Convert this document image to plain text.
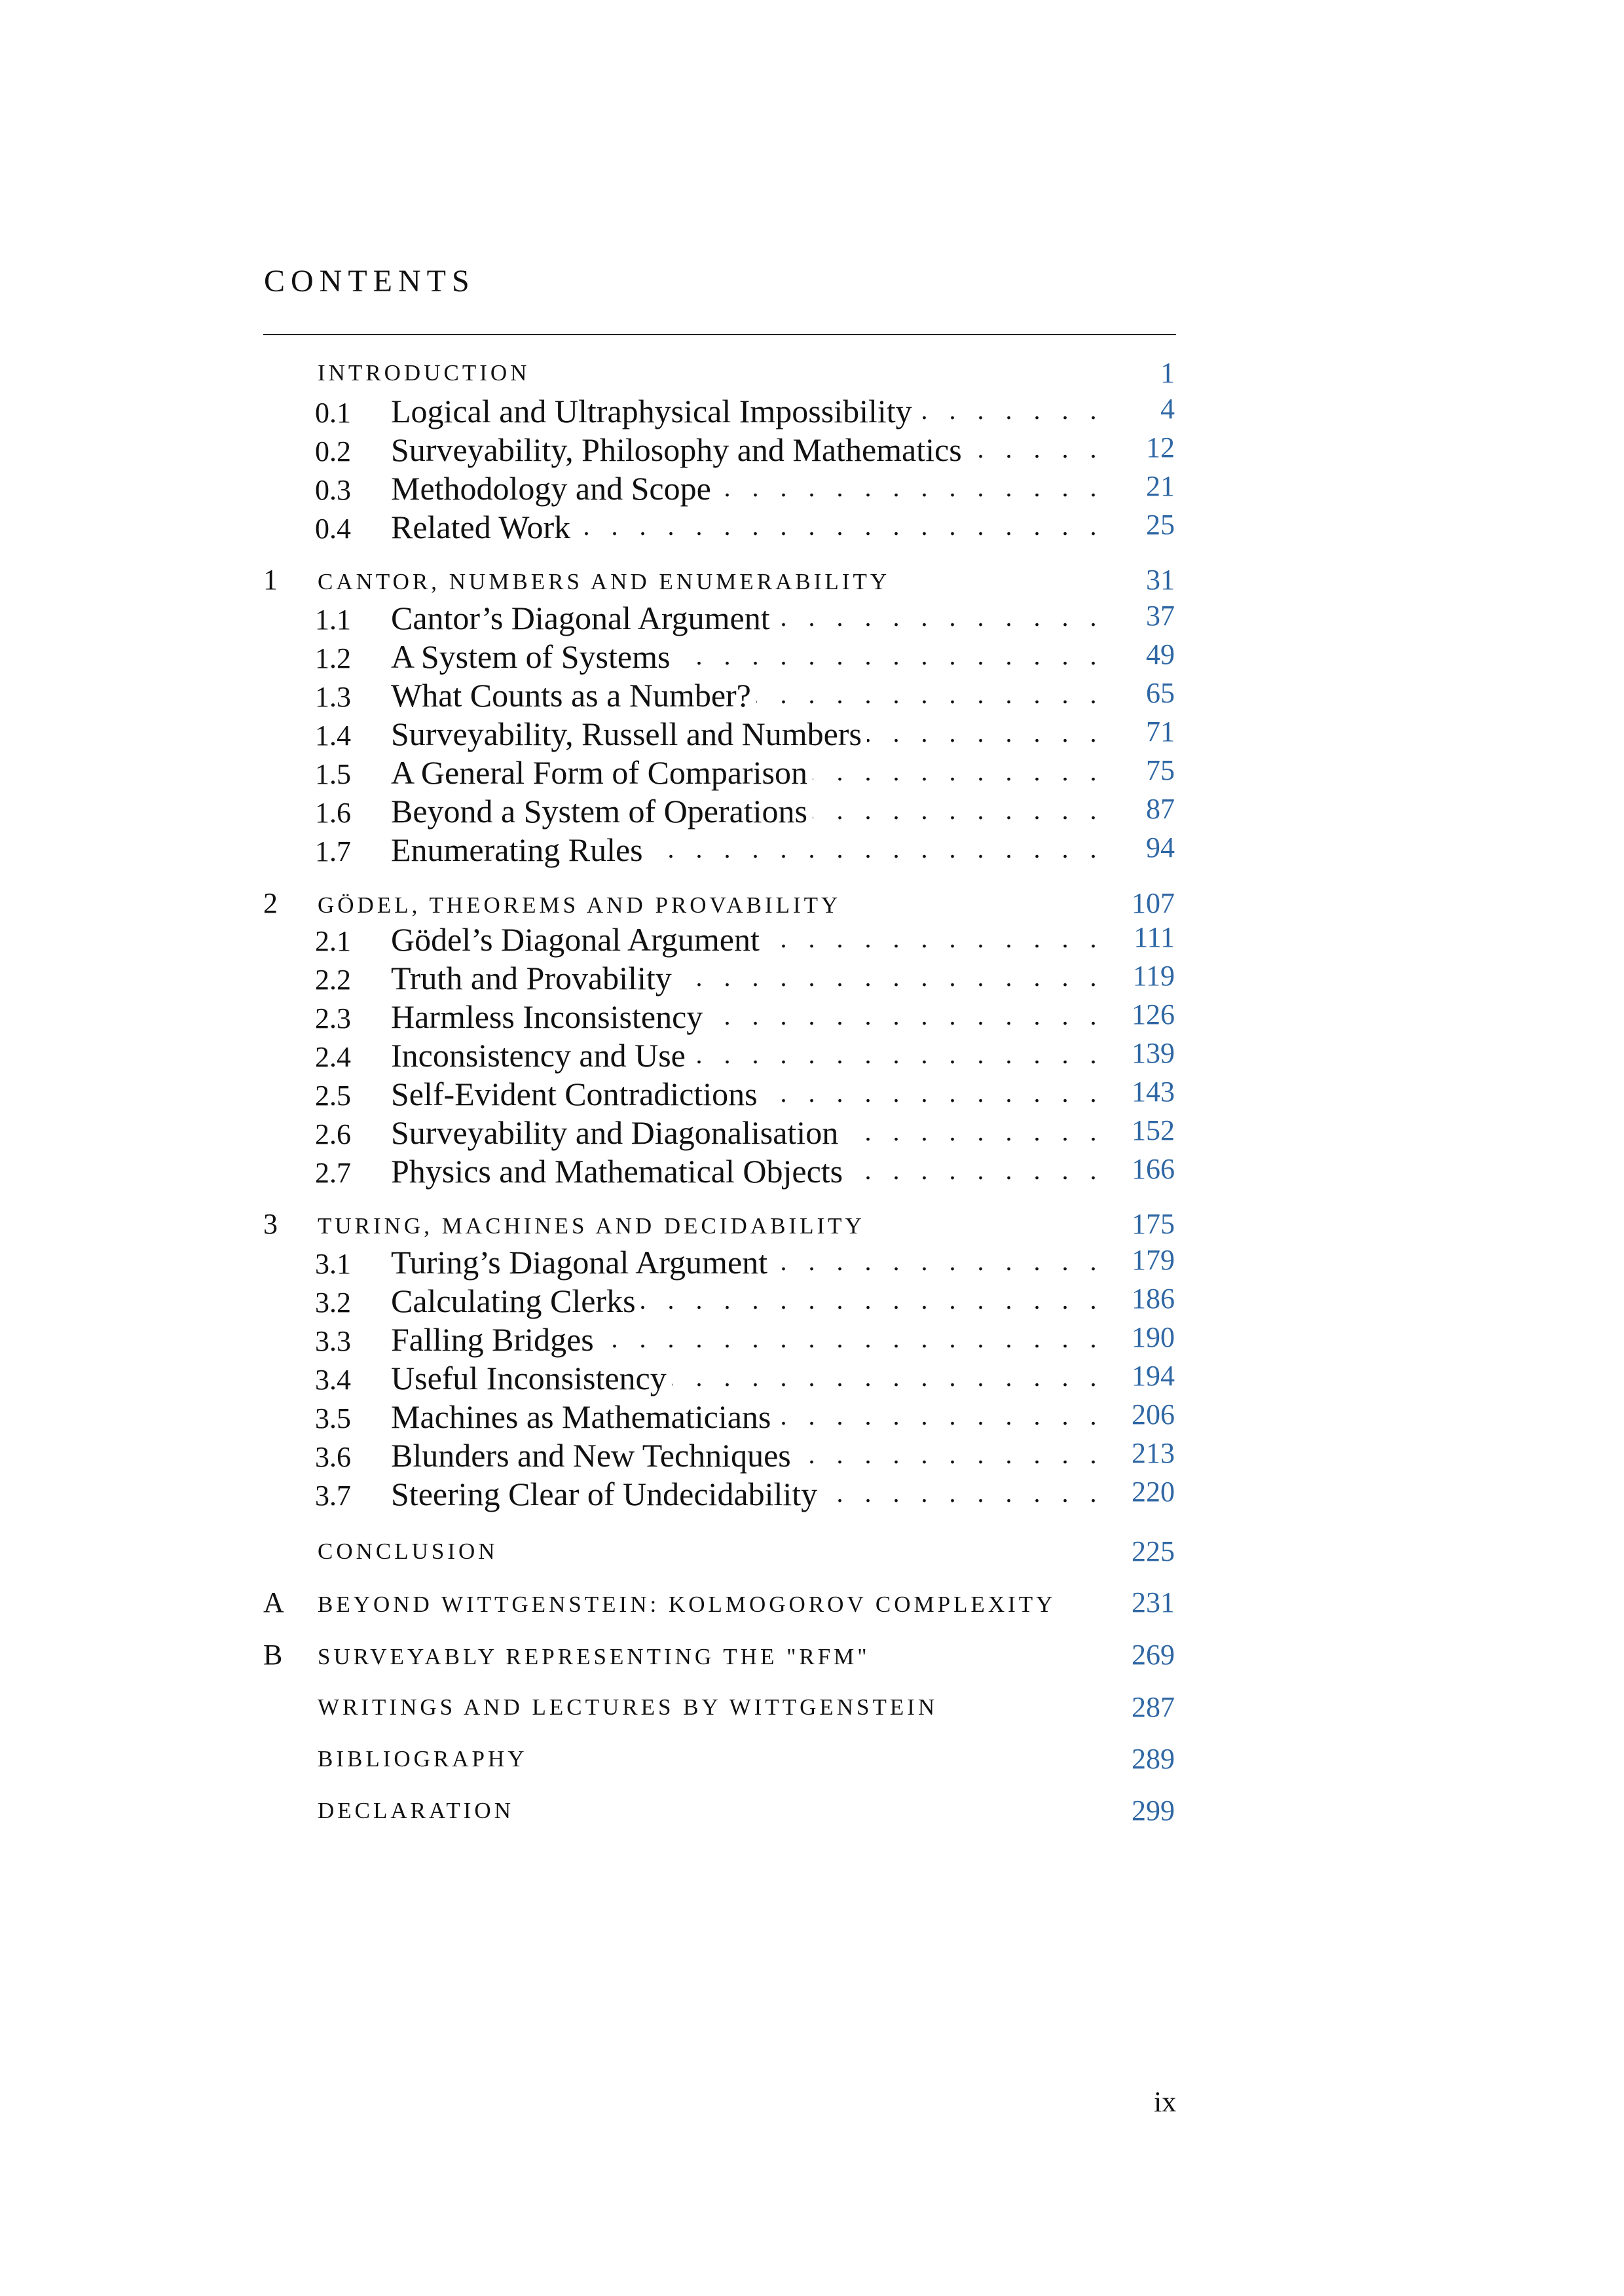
CONTENTS
INTRODUCTION	1
0.1	Logical and Ultraphysical Impossibility . . .	4
0.2	Surveyability, Philosophy and Mathematics . . .	12
0.3	Methodology and Scope . . .	21
0.4	Related Work . . .	25
1	CANTOR, NUMBERS AND ENUMERABILITY	31
1.1	Cantor’s Diagonal Argument . . .	37
1.2	A System of Systems . . .	49
1.3	What Counts as a Number? . . .	65
1.4	Surveyability, Russell and Numbers . . .	71
1.5	A General Form of Comparison . . .	75
1.6	Beyond a System of Operations . . .	87
1.7	Enumerating Rules . . .	94
2	GÖDEL, THEOREMS AND PROVABILITY	107
2.1	Gödel’s Diagonal Argument . . .	111
2.2	Truth and Provability . . .	119
2.3	Harmless Inconsistency . . .	126
2.4	Inconsistency and Use . . .	139
2.5	Self-Evident Contradictions . . .	143
2.6	Surveyability and Diagonalisation . . .	152
2.7	Physics and Mathematical Objects . . .	166
3	TURING, MACHINES AND DECIDABILITY	175
3.1	Turing’s Diagonal Argument . . .	179
3.2	Calculating Clerks . . .	186
3.3	Falling Bridges . . .	190
3.4	Useful Inconsistency . . .	194
3.5	Machines as Mathematicians . . .	206
3.6	Blunders and New Techniques . . .	213
3.7	Steering Clear of Undecidability . . .	220
CONCLUSION	225
A	BEYOND WITTGENSTEIN: KOLMOGOROV COMPLEXITY	231
B	SURVEYABLY REPRESENTING THE "RFM"	269
WRITINGS AND LECTURES BY WITTGENSTEIN	287
BIBLIOGRAPHY	289
DECLARATION	299
ix
